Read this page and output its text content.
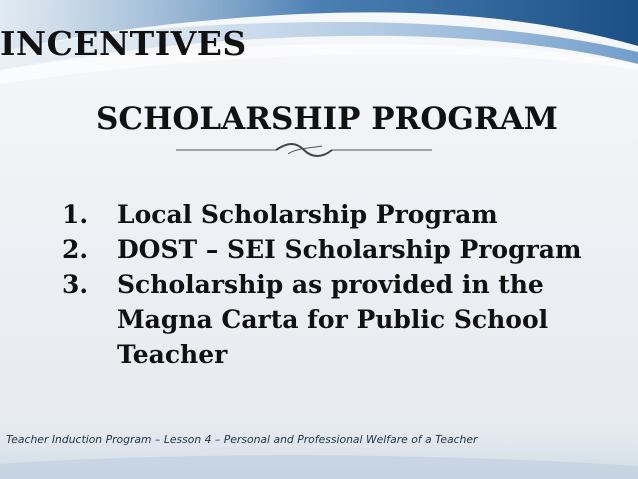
INCENTIVES
SCHOLARSHIP PROGRAM
1.	Local Scholarship Program
2.	DOST – SEI Scholarship Program
3.	Scholarship as provided in the
Magna Carta for Public School
Teacher
Teacher Induction Program – Lesson 4 – Personal and Professional Welfare of a Teacher
